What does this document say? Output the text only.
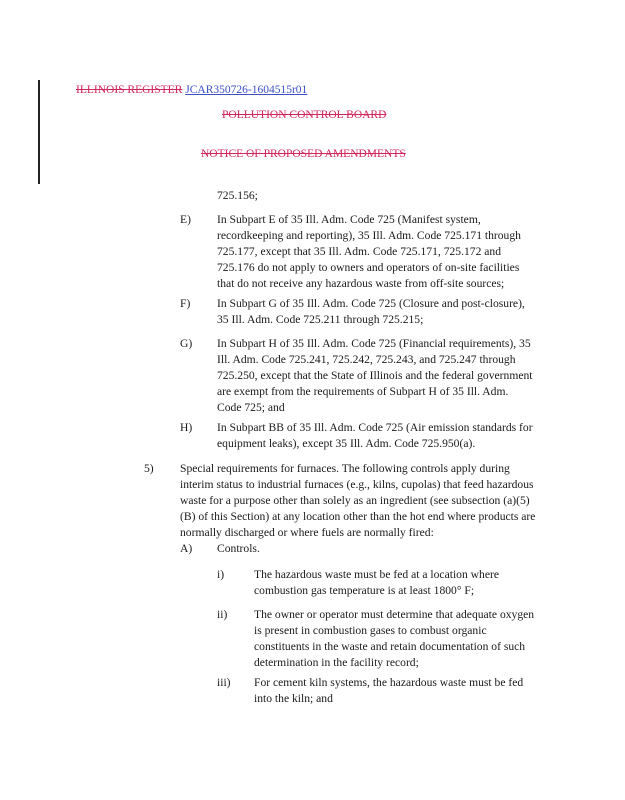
ILLINOIS REGISTER JCAR350726-1604515r01
POLLUTION CONTROL BOARD
NOTICE OF PROPOSED AMENDMENTS
725.156;
E) In Subpart E of 35 Ill. Adm. Code 725 (Manifest system, recordkeeping and reporting), 35 Ill. Adm. Code 725.171 through 725.177, except that 35 Ill. Adm. Code 725.171, 725.172 and 725.176 do not apply to owners and operators of on-site facilities that do not receive any hazardous waste from off-site sources;
F) In Subpart G of 35 Ill. Adm. Code 725 (Closure and post-closure), 35 Ill. Adm. Code 725.211 through 725.215;
G) In Subpart H of 35 Ill. Adm. Code 725 (Financial requirements), 35 Ill. Adm. Code 725.241, 725.242, 725.243, and 725.247 through 725.250, except that the State of Illinois and the federal government are exempt from the requirements of Subpart H of 35 Ill. Adm. Code 725; and
H) In Subpart BB of 35 Ill. Adm. Code 725 (Air emission standards for equipment leaks), except 35 Ill. Adm. Code 725.950(a).
5) Special requirements for furnaces. The following controls apply during interim status to industrial furnaces (e.g., kilns, cupolas) that feed hazardous waste for a purpose other than solely as an ingredient (see subsection (a)(5)(B) of this Section) at any location other than the hot end where products are normally discharged or where fuels are normally fired:
A) Controls.
i)	The hazardous waste must be fed at a location where combustion gas temperature is at least 1800° F;
ii) The owner or operator must determine that adequate oxygen is present in combustion gases to combust organic constituents in the waste and retain documentation of such determination in the facility record;
iii) For cement kiln systems, the hazardous waste must be fed into the kiln; and
